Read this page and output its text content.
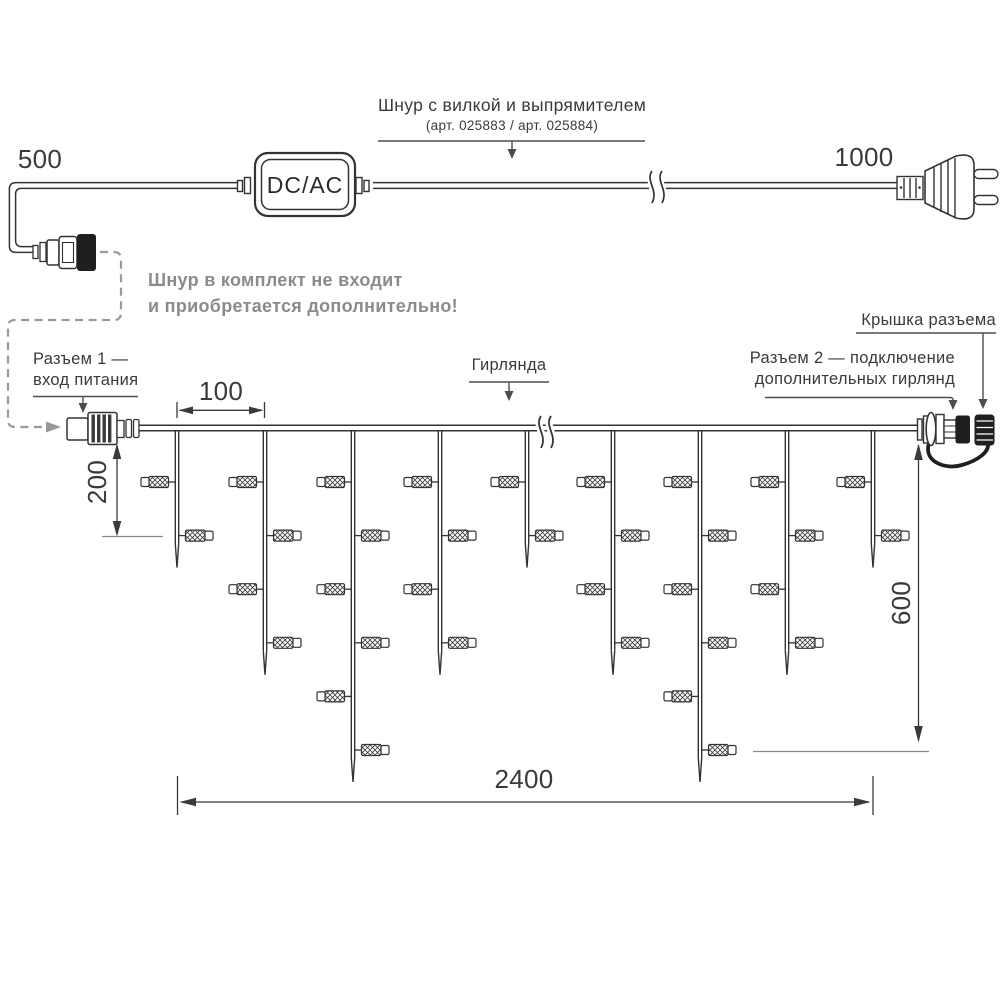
500	1000
Шнур с вилкой и выпрямителем
(арт. 025883 / арт. 025884)
DC/AC
Шнур в комплект не входит
и приобретается дополнительно!
Разъем 1 —
вход питания
Гирлянда
Крышка разъема
Разъем 2 — подключение
дополнительных гирлянд
100
200
600
2400
